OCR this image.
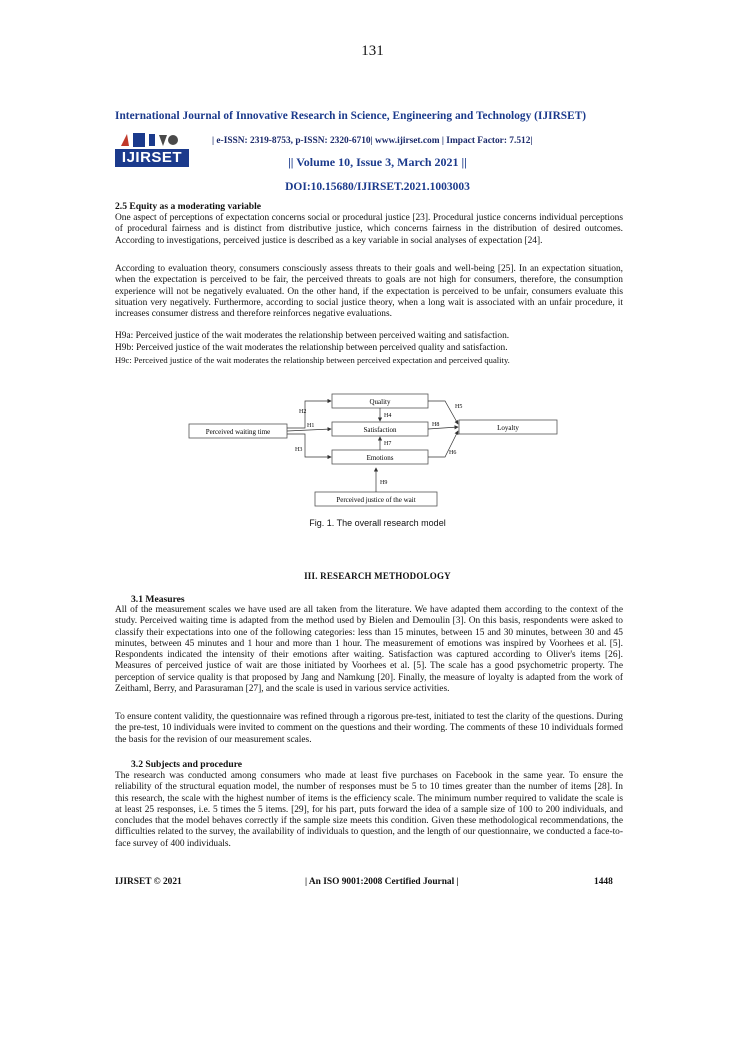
131
International Journal of Innovative Research in Science, Engineering and Technology (IJIRSET)
IJIRSET
| e-ISSN: 2319-8753, p-ISSN: 2320-6710| www.ijirset.com | Impact Factor: 7.512|
|| Volume 10, Issue 3, March 2021 ||
DOI:10.15680/IJIRSET.2021.1003003
2.5 Equity as a moderating variable
One aspect of perceptions of expectation concerns social or procedural justice [23]. Procedural justice concerns individual perceptions of procedural fairness and is distinct from distributive justice, which concerns fairness in the distribution of desired outcomes. According to investigations, perceived justice is described as a key variable in social analyses of expectation [24].
According to evaluation theory, consumers consciously assess threats to their goals and well-being [25]. In an expectation situation, when the expectation is perceived to be fair, the perceived threats to goals are not high for consumers, therefore, the consumption experience will not be negatively evaluated. On the other hand, if the expectation is perceived to be unfair, consumers evaluate this situation very negatively. Furthermore, according to social justice theory, when a long wait is associated with an unfair procedure, it increases consumer distress and therefore reinforces negative evaluations.
H9a: Perceived justice of the wait moderates the relationship between perceived waiting and satisfaction.
H9b: Perceived justice of the wait moderates the relationship between perceived quality and satisfaction.
H9c: Perceived justice of the wait moderates the relationship between perceived expectation and perceived quality.
Quality
Satisfaction
Emotions
Perceived waiting time	Loyalty
Perceived justice of the wait
H2
H1
H3
H4
H7
H8
H5
H6
H9
Fig. 1. The overall research model
III. RESEARCH METHODOLOGY
3.1 Measures
All of the measurement scales we have used are all taken from the literature. We have adapted them according to the context of the study. Perceived waiting time is adapted from the method used by Bielen and Demoulin [3]. On this basis, respondents were asked to classify their expectations into one of the following categories: less than 15 minutes, between 15 and 30 minutes, between 30 and 45 minutes, between 45 minutes and 1 hour and more than 1 hour. The measurement of emotions was inspired by Voorhees et al. [5]. Respondents indicated the intensity of their emotions after waiting. Satisfaction was captured according to Oliver's items [26]. Measures of perceived justice of wait are those initiated by Voorhees et al. [5]. The scale has a good psychometric property. The perception of service quality is that proposed by Jang and Namkung [20]. Finally, the measure of loyalty is adapted from the work of Zeithaml, Berry, and Parasuraman [27], and the scale is used in various service activities.
To ensure content validity, the questionnaire was refined through a rigorous pre-test, initiated to test the clarity of the questions. During the pre-test, 10 individuals were invited to comment on the questions and their wording. The comments of these 10 individuals formed the basis for the revision of our measurement scales.
3.2 Subjects and procedure
The research was conducted among consumers who made at least five purchases on Facebook in the same year. To ensure the reliability of the structural equation model, the number of responses must be 5 to 10 times greater than the number of items [28]. In this research, the scale with the highest number of items is the efficiency scale. The minimum number required to validate the scale is at least 25 responses, i.e. 5 times the 5 items. [29], for his part, puts forward the idea of a sample size of 100 to 200 individuals, and concludes that the model behaves correctly if the sample size meets this condition. Given these methodological recommendations, the difficulties related to the survey, the availability of individuals to question, and the length of our questionnaire, we conducted a face-to-face survey of 400 individuals.
IJIRSET © 2021	| An ISO 9001:2008 Certified Journal |	1448
